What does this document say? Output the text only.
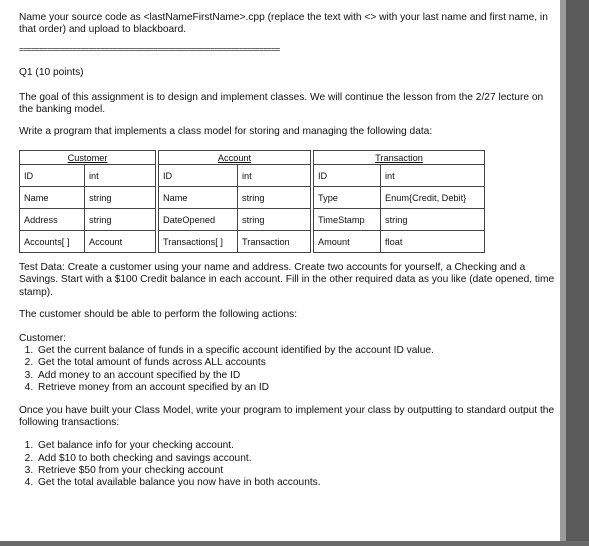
Name your source code as <lastNameFirstName>.cpp (replace the text with <> with your last name and first name, in that order) and upload to blackboard.

================================================================

Q1 (10 points)

The goal of this assignment is to design and implement classes. We will continue the lesson from the 2/27 lecture on the banking model.

Write a program that implements a class model for storing and managing the following data:

Customer			Account			Transaction	
ID	int		ID	int		ID	int
Name	string		Name	string		Type	Enum{Credit, Debit}
Address	string		DateOpened	string		TimeStamp	string
Accounts[ ]	Account		Transactions[ ]	Transaction		Amount	float

Test Data: Create a customer using your name and address. Create two accounts for yourself, a Checking and a Savings. Start with a $100 Credit balance in each account. Fill in the other required data as you like (date opened, time stamp).

The customer should be able to perform the following actions:

Customer:

1. Get the current balance of funds in a specific account identified by the account ID value.
2. Get the total amount of funds across ALL accounts
3. Add money to an account specified by the ID
4. Retrieve money from an account specified by an ID

Once you have built your Class Model, write your program to implement your class by outputting to standard output the following transactions:

1. Get balance info for your checking account.
2. Add $10 to both checking and savings account.
3. Retrieve $50 from your checking account
4. Get the total available balance you now have in both accounts.
